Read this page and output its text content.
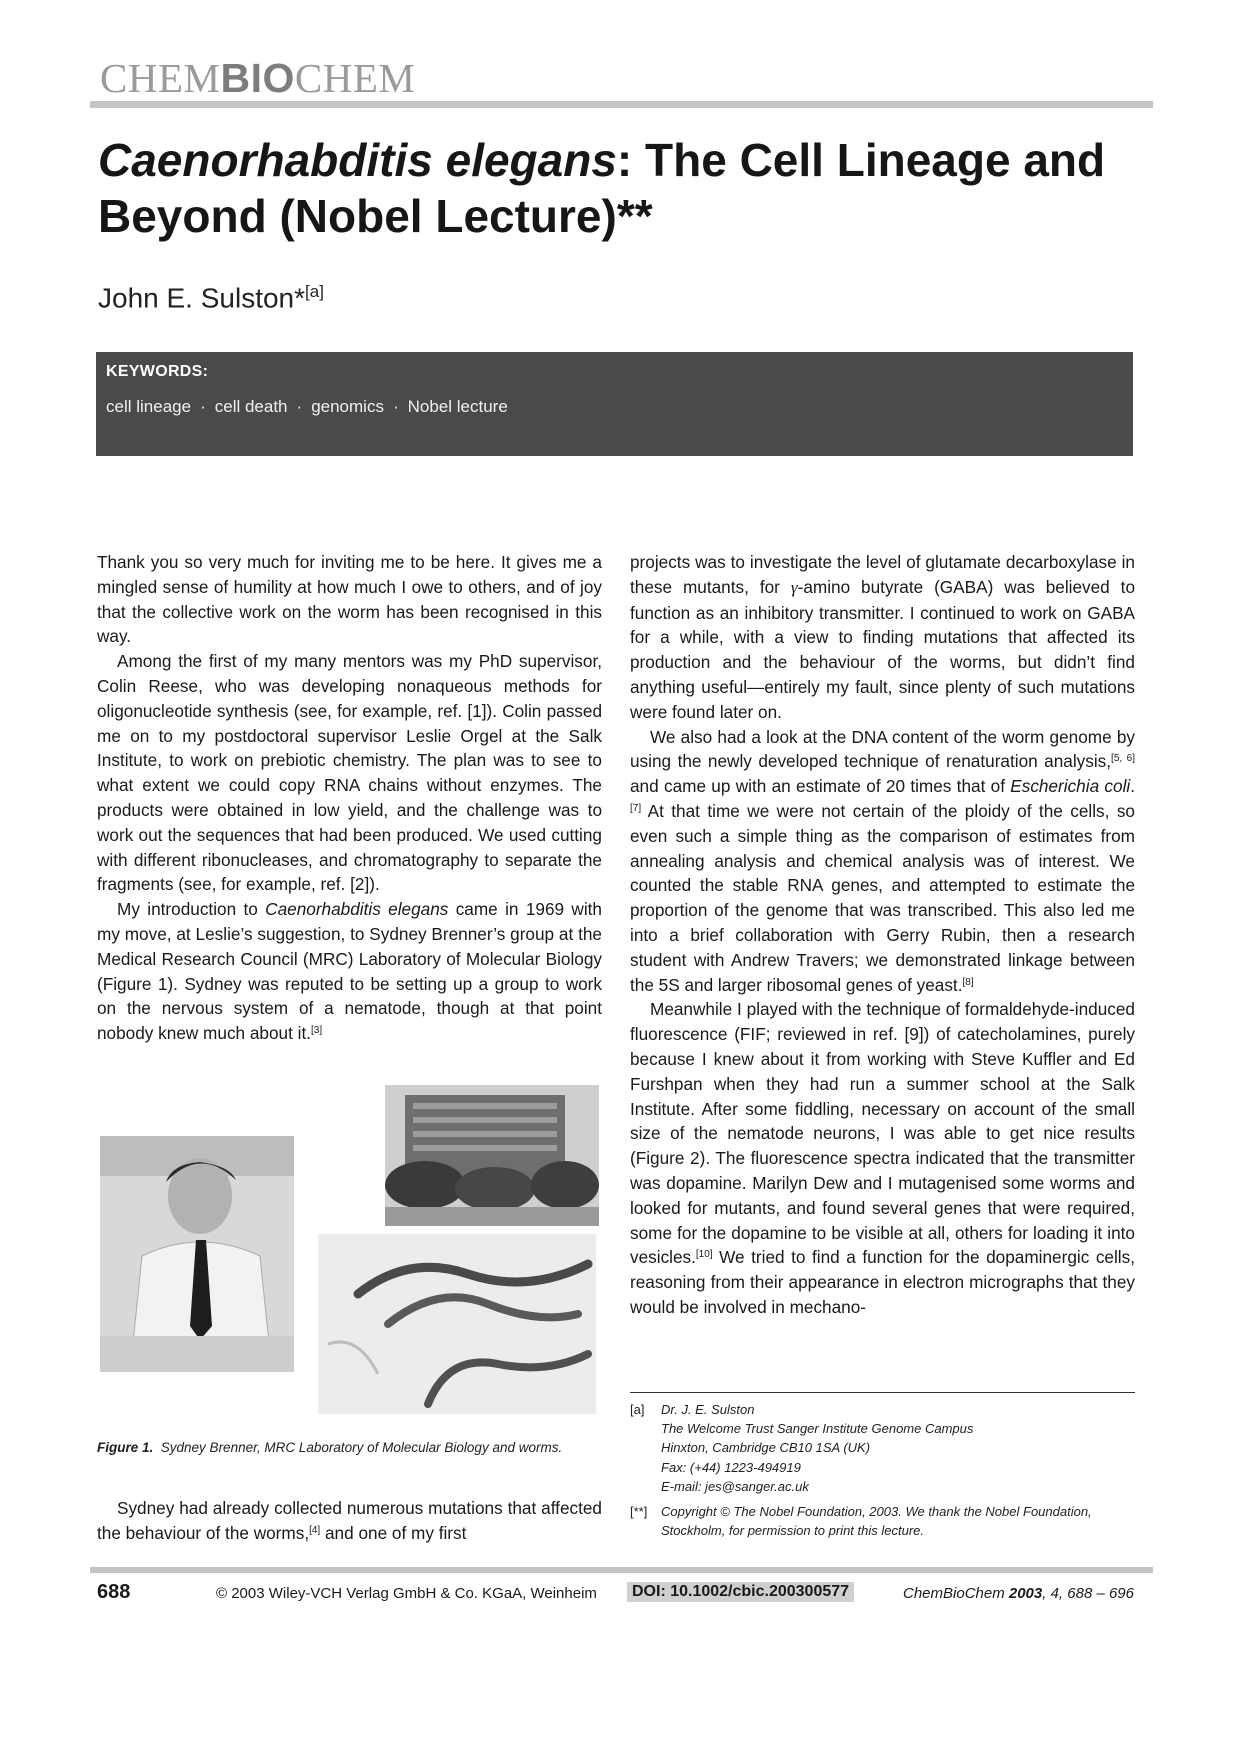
CHEMBIOCHEM
Caenorhabditis elegans: The Cell Lineage and Beyond (Nobel Lecture)**
John E. Sulston*[a]
KEYWORDS:
cell lineage · cell death · genomics · Nobel lecture

Thank you so very much for inviting me to be here. It gives me a mingled sense of humility at how much I owe to others, and of joy that the collective work on the worm has been recognised in this way.

Among the first of my many mentors was my PhD supervisor, Colin Reese, who was developing nonaqueous methods for oligonucleotide synthesis (see, for example, ref. [1]). Colin passed me on to my postdoctoral supervisor Leslie Orgel at the Salk Institute, to work on prebiotic chemistry. The plan was to see to what extent we could copy RNA chains without enzymes. The products were obtained in low yield, and the challenge was to work out the sequences that had been produced. We used cutting with different ribonucleases, and chromatography to separate the fragments (see, for example, ref. [2]).

My introduction to Caenorhabditis elegans came in 1969 with my move, at Leslie’s suggestion, to Sydney Brenner’s group at the Medical Research Council (MRC) Laboratory of Molecular Biology (Figure 1). Sydney was reputed to be setting up a group to work on the nervous system of a nematode, though at that point nobody knew much about it.[3]

Figure 1. Sydney Brenner, MRC Laboratory of Molecular Biology and worms.

Sydney had already collected numerous mutations that affected the behaviour of the worms,[4] and one of my first

projects was to investigate the level of glutamate decarboxylase in these mutants, for γ-amino butyrate (GABA) was believed to function as an inhibitory transmitter. I continued to work on GABA for a while, with a view to finding mutations that affected its production and the behaviour of the worms, but didn’t find anything useful—entirely my fault, since plenty of such mutations were found later on.

We also had a look at the DNA content of the worm genome by using the newly developed technique of renaturation analysis,[5, 6] and came up with an estimate of 20 times that of Escherichia coli.[7] At that time we were not certain of the ploidy of the cells, so even such a simple thing as the comparison of estimates from annealing analysis and chemical analysis was of interest. We counted the stable RNA genes, and attempted to estimate the proportion of the genome that was transcribed. This also led me into a brief collaboration with Gerry Rubin, then a research student with Andrew Travers; we demonstrated linkage between the 5S and larger ribosomal genes of yeast.[8]

Meanwhile I played with the technique of formaldehyde-induced fluorescence (FIF; reviewed in ref. [9]) of catecholamines, purely because I knew about it from working with Steve Kuffler and Ed Furshpan when they had run a summer school at the Salk Institute. After some fiddling, necessary on account of the small size of the nematode neurons, I was able to get nice results (Figure 2). The fluorescence spectra indicated that the transmitter was dopamine. Marilyn Dew and I mutagenised some worms and looked for mutants, and found several genes that were required, some for the dopamine to be visible at all, others for loading it into vesicles.[10] We tried to find a function for the dopaminergic cells, reasoning from their appearance in electron micrographs that they would be involved in mechano-

[a] Dr. J. E. Sulston
The Welcome Trust Sanger Institute Genome Campus
Hinxton, Cambridge CB10 1SA (UK)
Fax: (+44) 1223-494919
E-mail: jes@sanger.ac.uk
[**] Copyright © The Nobel Foundation, 2003. We thank the Nobel Foundation, Stockholm, for permission to print this lecture.
688	© 2003 Wiley-VCH Verlag GmbH & Co. KGaA, Weinheim	DOI: 10.1002/cbic.200300577	ChemBioChem 2003, 4, 688 – 696
